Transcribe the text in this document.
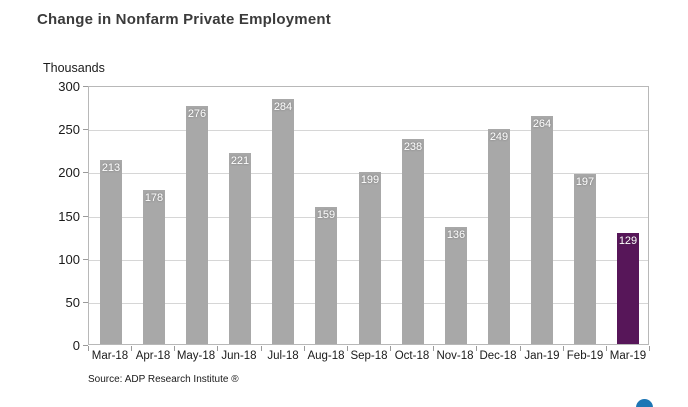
Change in Nonfarm Private Employment
Thousands
213
178
276
221
284
159
199
238
136
249
264
197
129
0
50
100
150
200
250
300
Mar-18 Apr-18 May-18 Jun-18 Jul-18 Aug-18 Sep-18 Oct-18 Nov-18 Dec-18 Jan-19 Feb-19 Mar-19
Source: ADP Research Institute ®
